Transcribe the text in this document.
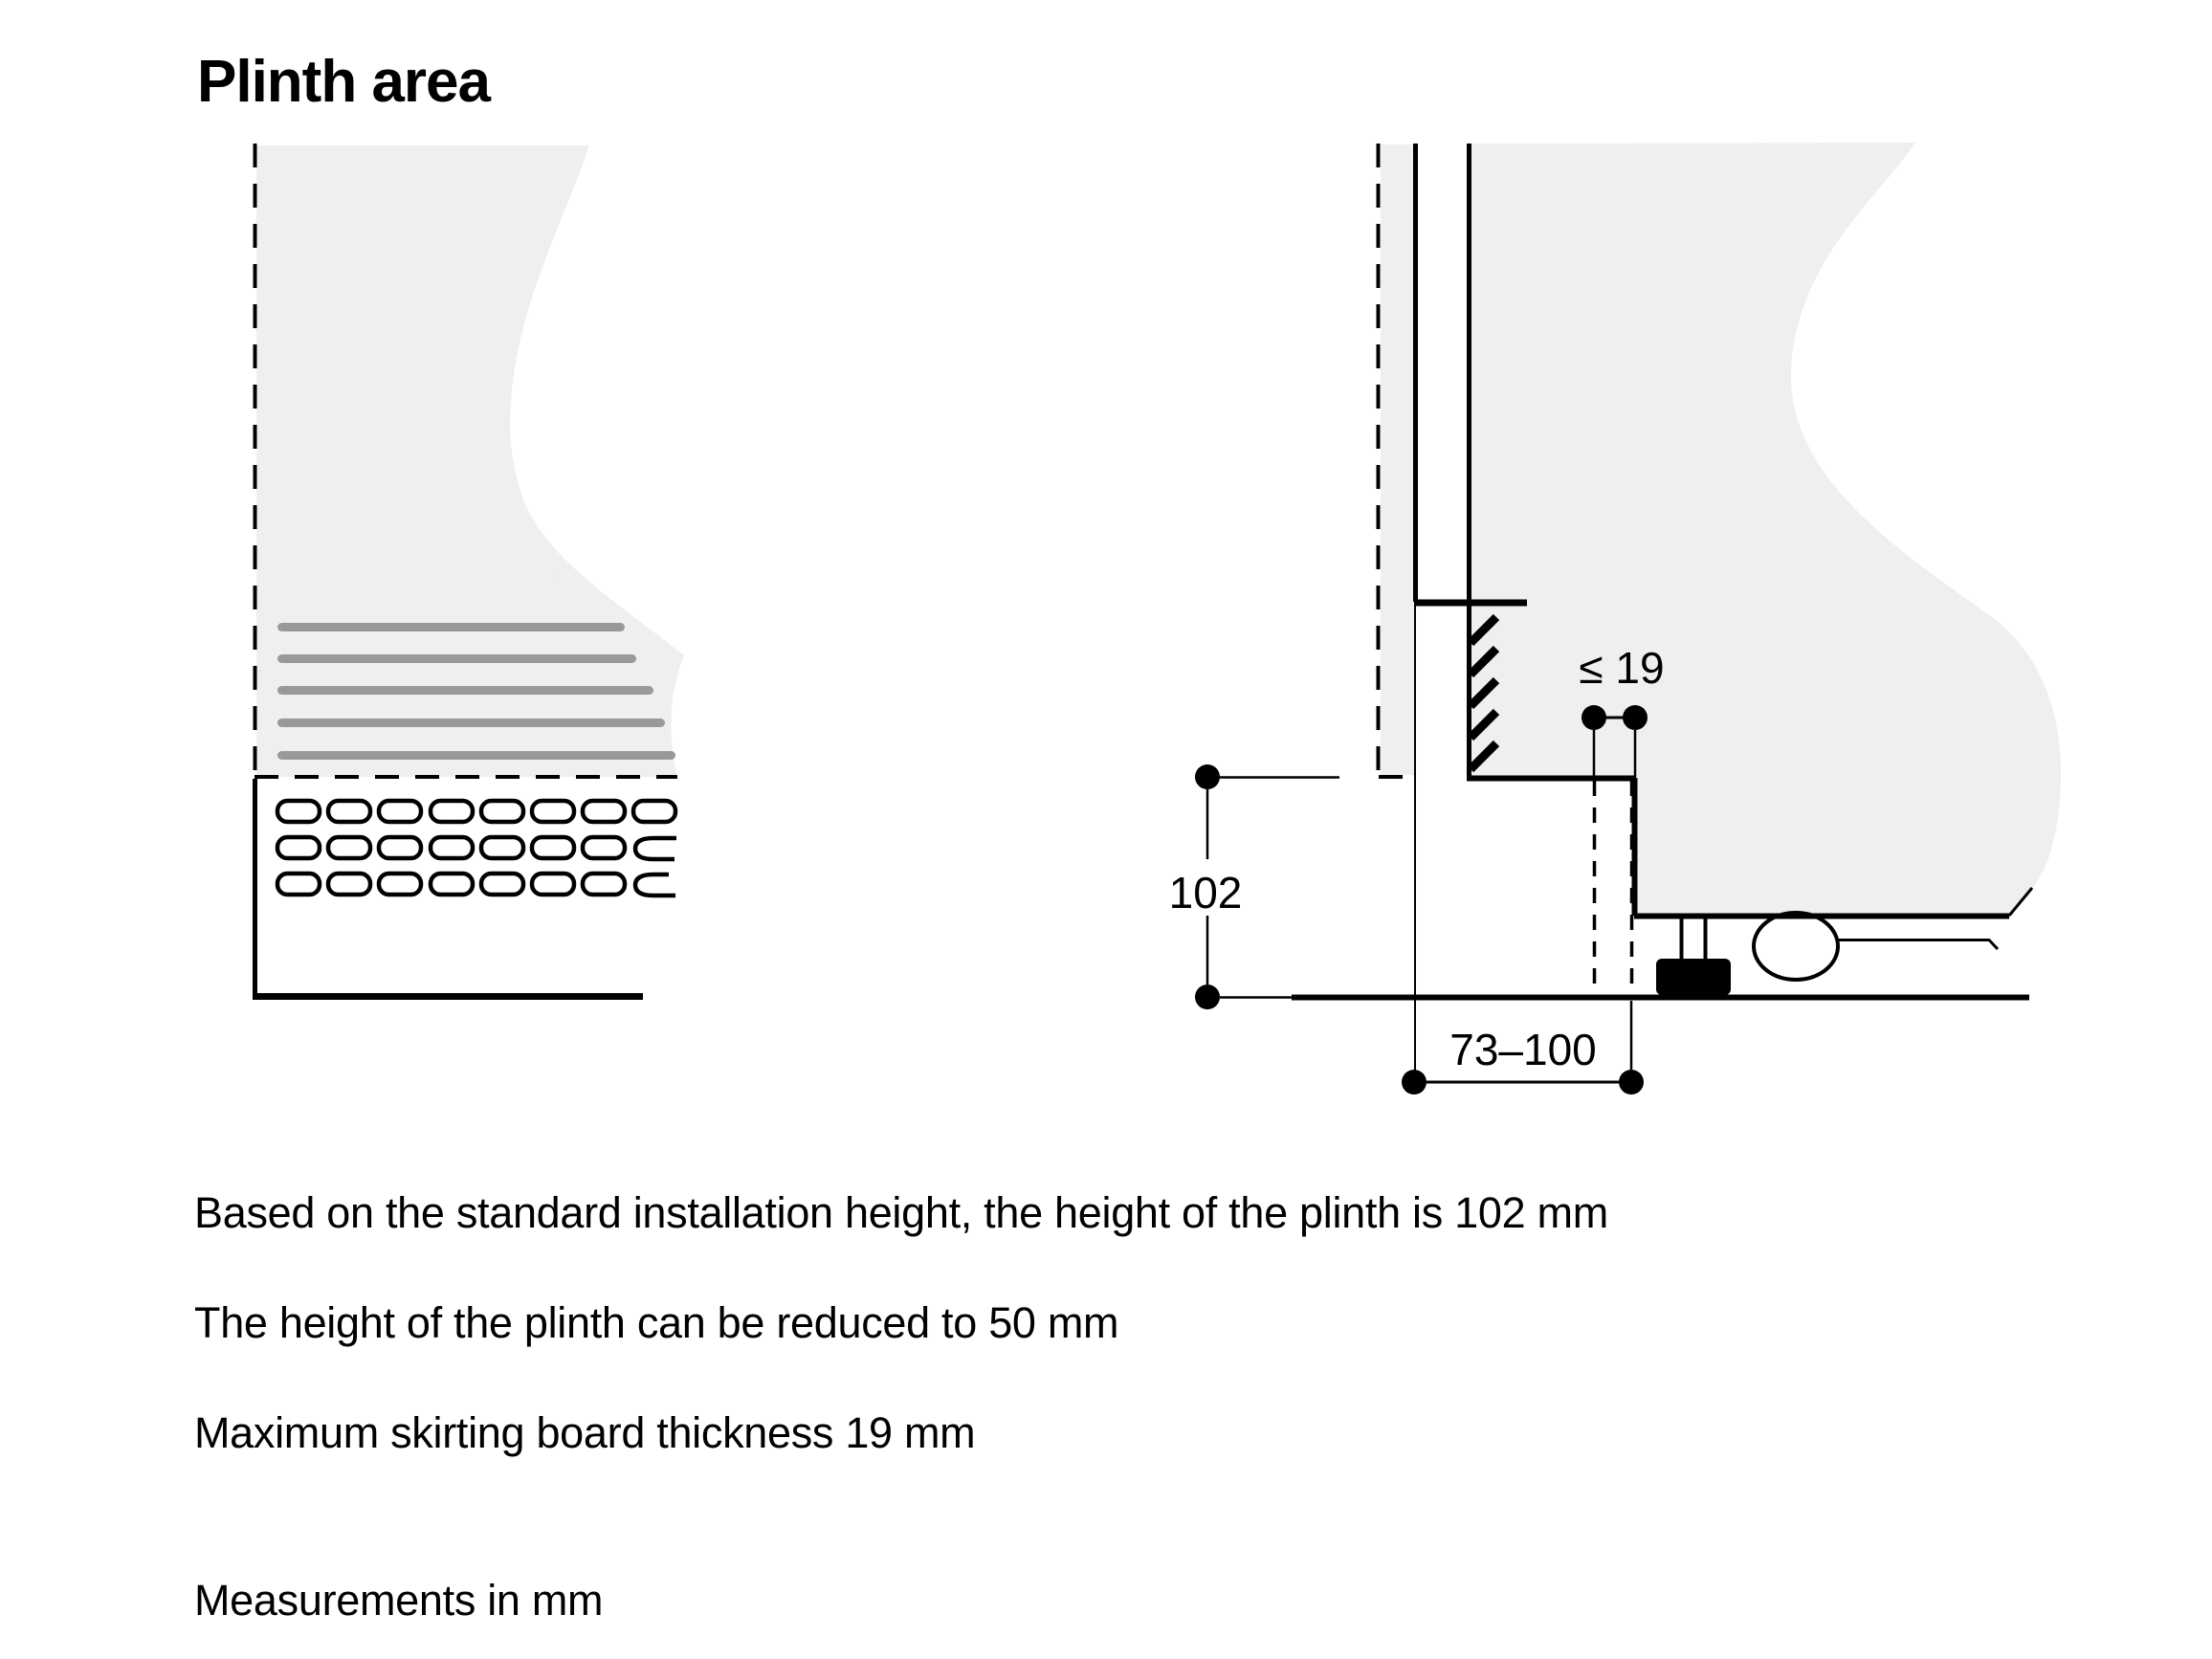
Plinth area
≤ 19
102
73–100
Based on the standard installation height, the height of the plinth is 102 mm
The height of the plinth can be reduced to 50 mm
Maximum skirting board thickness 19 mm
Measurements in mm
